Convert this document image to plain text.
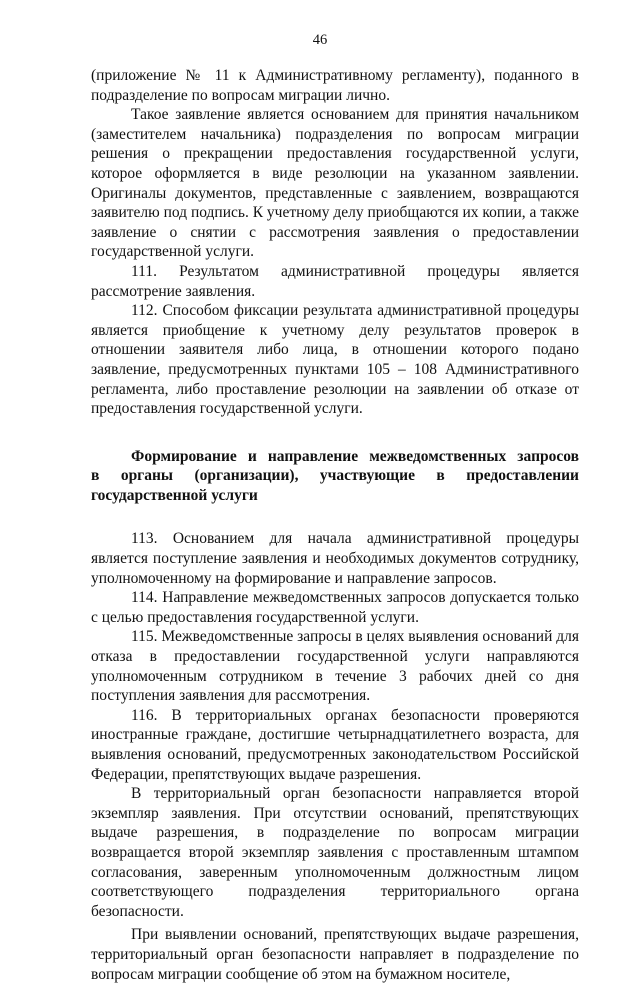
46

(приложение № 11 к Административному регламенту), поданного в подразделение по вопросам миграции лично.

Такое заявление является основанием для принятия начальником (заместителем начальника) подразделения по вопросам миграции решения о прекращении предоставления государственной услуги, которое оформляется в виде резолюции на указанном заявлении. Оригиналы документов, представленные с заявлением, возвращаются заявителю под подпись. К учетному делу приобщаются их копии, а также заявление о снятии с рассмотрения заявления о предоставлении государственной услуги.

111. Результатом административной процедуры является рассмотрение заявления.

112. Способом фиксации результата административной процедуры является приобщение к учетному делу результатов проверок в отношении заявителя либо лица, в отношении которого подано заявление, предусмотренных пунктами 105 – 108 Административного регламента, либо проставление резолюции на заявлении об отказе от предоставления государственной услуги.

Формирование и направление межведомственных запросов
в органы (организации), участвующие в предоставлении
государственной услуги

113. Основанием для начала административной процедуры является поступление заявления и необходимых документов сотруднику, уполномоченному на формирование и направление запросов.

114. Направление межведомственных запросов допускается только с целью предоставления государственной услуги.

115. Межведомственные запросы в целях выявления оснований для отказа в предоставлении государственной услуги направляются уполномоченным сотрудником в течение 3 рабочих дней со дня поступления заявления для рассмотрения.

116. В территориальных органах безопасности проверяются иностранные граждане, достигшие четырнадцатилетнего возраста, для выявления оснований, предусмотренных законодательством Российской Федерации, препятствующих выдаче разрешения.

В территориальный орган безопасности направляется второй экземпляр заявления. При отсутствии оснований, препятствующих выдаче разрешения, в подразделение по вопросам миграции возвращается второй экземпляр заявления с проставленным штампом согласования, заверенным уполномоченным должностным лицом соответствующего подразделения территориального органа безопасности.

При выявлении оснований, препятствующих выдаче разрешения, территориальный орган безопасности направляет в подразделение по вопросам миграции сообщение об этом на бумажном носителе,
